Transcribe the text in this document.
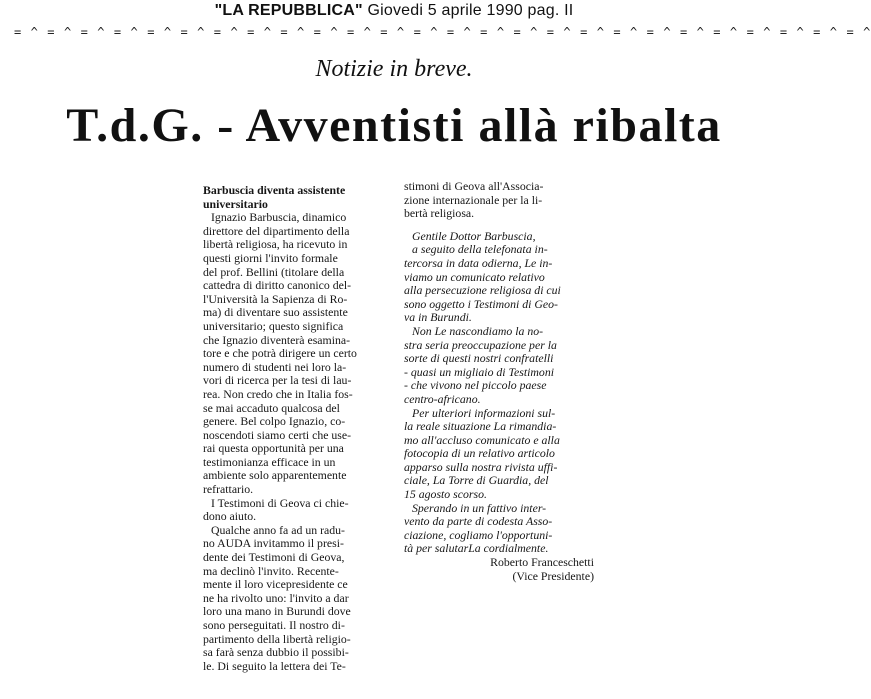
"LA REPUBBLICA" Giovedi 5 aprile 1990 pag. II
= ^ = ^ = ^ = ^ = ^ = ^ = ^ = ^ = ^ = ^ = ^ = ^ = ^ = ^ = ^ = ^ = ^ = ^ = ^ = ^ = ^ = ^ = ^ = ^ = ^ = ^
Notizie in breve.
T.d.G. - Avventisti allà ribalta
Barbuscia diventa assistente
universitario
Ignazio Barbuscia, dinamico
direttore del dipartimento della
libertà religiosa, ha ricevuto in
questi giorni l'invito formale
del prof. Bellini (titolare della
cattedra di diritto canonico del-
l'Università la Sapienza di Ro-
ma) di diventare suo assistente
universitario; questo significa
che Ignazio diventerà esamina-
tore e che potrà dirigere un certo
numero di studenti nei loro la-
vori di ricerca per la tesi di lau-
rea. Non credo che in Italia fos-
se mai accaduto qualcosa del
genere. Bel colpo Ignazio, co-
noscendoti siamo certi che use-
rai questa opportunità per una
testimonianza efficace in un
ambiente solo apparentemente
refrattario.
I Testimoni di Geova ci chie-
dono aiuto.
Qualche anno fa ad un radu-
no AUDA invitammo il presi-
dente dei Testimoni di Geova,
ma declinò l'invito. Recente-
mente il loro vicepresidente ce
ne ha rivolto uno: l'invito a dar
loro una mano in Burundi dove
sono perseguitati. Il nostro di-
partimento della libertà religio-
sa farà senza dubbio il possibi-
le. Di seguito la lettera dei Te-
stimoni di Geova all'Associa-
zione internazionale per la li-
bertà religiosa.
Gentile Dottor Barbuscia,
a seguito della telefonata in-
tercorsa in data odierna, Le in-
viamo un comunicato relativo
alla persecuzione religiosa di cui
sono oggetto i Testimoni di Geo-
va in Burundi.
Non Le nascondiamo la no-
stra seria preoccupazione per la
sorte di questi nostri confratelli
- quasi un migliaio di Testimoni
- che vivono nel piccolo paese
centro-africano.
Per ulteriori informazioni sul-
la reale situazione La rimandia-
mo all'accluso comunicato e alla
fotocopia di un relativo articolo
apparso sulla nostra rivista uffi-
ciale, La Torre di Guardia, del
15 agosto scorso.
Sperando in un fattivo inter-
vento da parte di codesta Asso-
ciazione, cogliamo l'opportuni-
tà per salutarLa cordialmente.
Roberto Franceschetti
(Vice Presidente)
